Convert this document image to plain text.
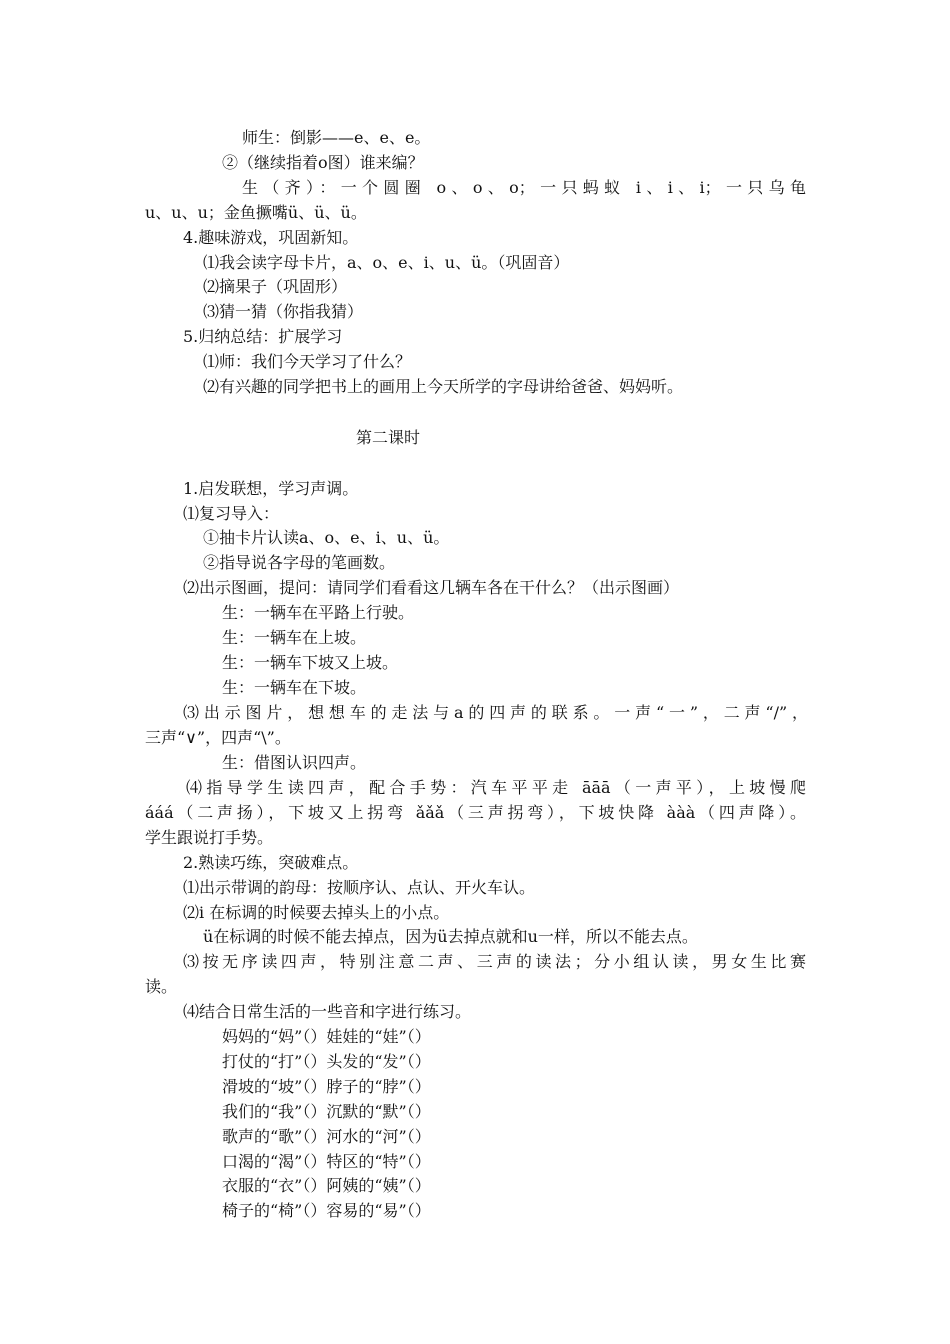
师生：倒影——e、e、e。
②（继续指着o图）谁来编？
生（齐）：一个圆圈 o、o、o；一只蚂蚁 i、i、i；一只乌龟
u、u、u；金鱼撅嘴ü、ü、ü。
4.趣味游戏，巩固新知。
⑴我会读字母卡片，a、o、e、i、u、ü。（巩固音）
⑵摘果子（巩固形）
⑶猜一猜（你指我猜）
5.归纳总结：扩展学习
⑴师：我们今天学习了什么？
⑵有兴趣的同学把书上的画用上今天所学的字母讲给爸爸、妈妈听。
第二课时
1.启发联想，学习声调。
⑴复习导入：
①抽卡片认读a、o、e、i、u、ü。
②指导说各字母的笔画数。
⑵出示图画，提问：请同学们看看这几辆车各在干什么？（出示图画）
生：一辆车在平路上行驶。
生：一辆车在上坡。
生：一辆车下坡又上坡。
生：一辆车在下坡。
⑶出示图片，想想车的走法与a的四声的联系。一声“一”，二声“/”，
三声“∨”，四声“\”。
生：借图认识四声。
⑷指导学生读四声，配合手势：汽车平平走 āāā（一声平），上坡慢爬
ááá（二声扬），下坡又上拐弯 ǎǎǎ（三声拐弯），下坡快降 ààà（四声降）。
学生跟说打手势。
2.熟读巧练，突破难点。
⑴出示带调的韵母：按顺序认、点认、开火车认。
⑵i 在标调的时候要去掉头上的小点。
ü在标调的时候不能去掉点，因为ü去掉点就和u一样，所以不能去点。
⑶按无序读四声，特别注意二声、三声的读法；分小组认读，男女生比赛
读。
⑷结合日常生活的一些音和字进行练习。
妈妈的“妈”（）娃娃的“娃”（）
打仗的“打”（）头发的“发”（）
滑坡的“坡”（）脖子的“脖”（）
我们的“我”（）沉默的“默”（）
歌声的“歌”（）河水的“河”（）
口渴的“渴”（）特区的“特”（）
衣服的“衣”（）阿姨的“姨”（）
椅子的“椅”（）容易的“易”（）
